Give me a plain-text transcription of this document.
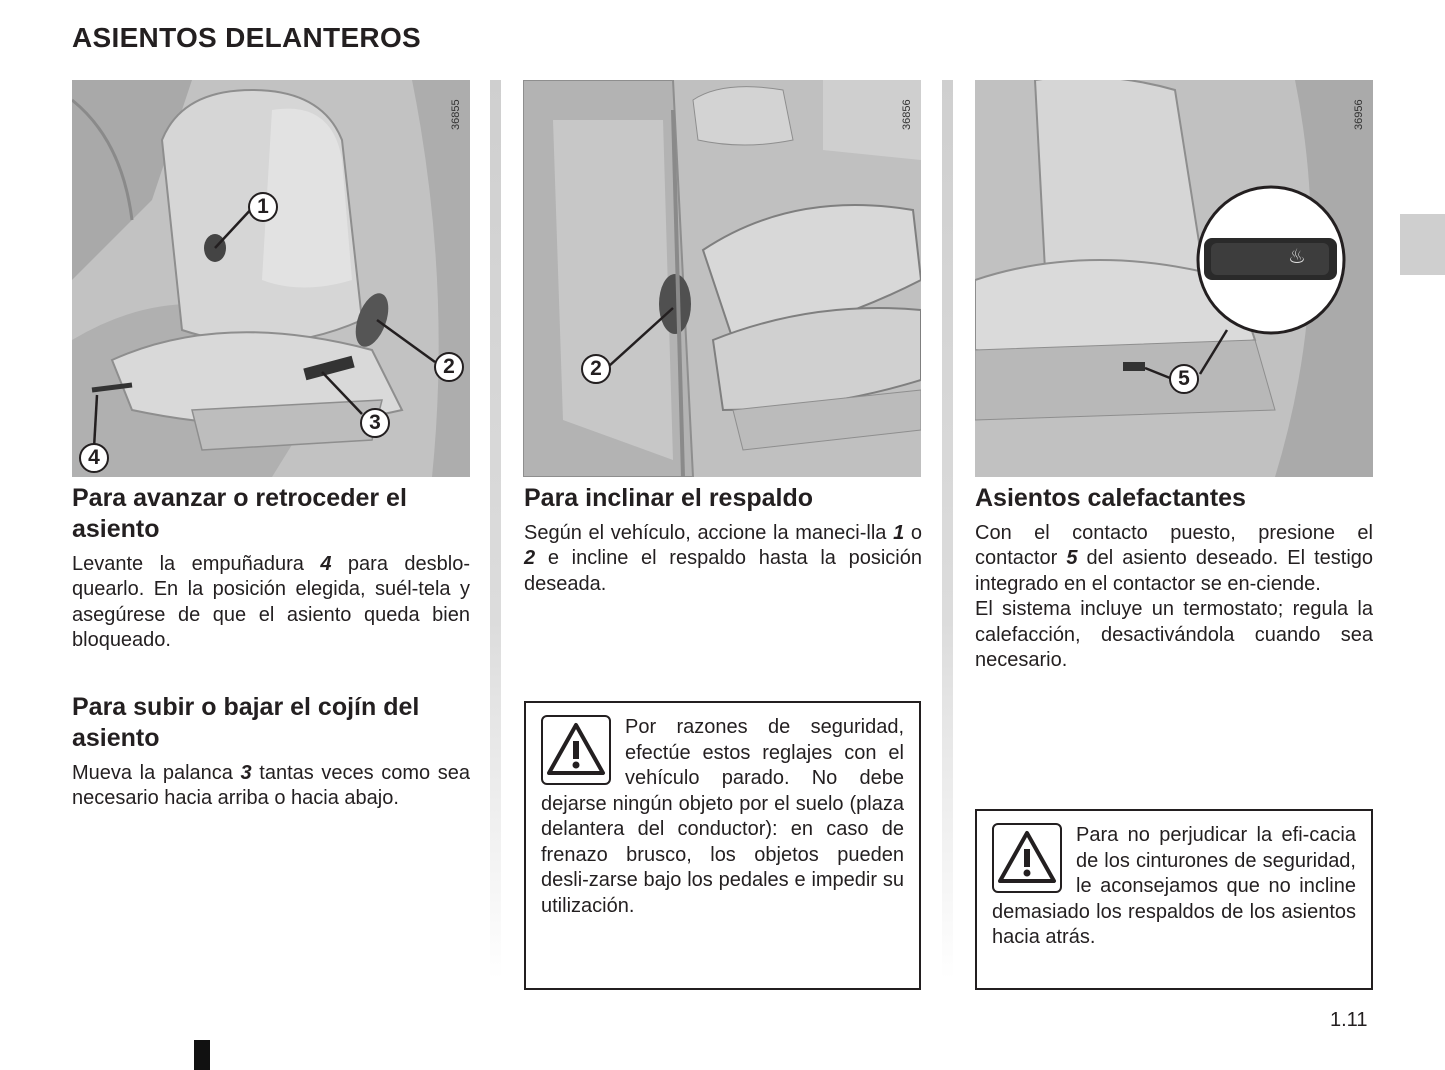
ASIENTOS DELANTEROS
36855
1
2
3
4
36856
2
♨
36956
5
Para avanzar o retroceder el asiento

Levante la empuñadura 4 para desblo-quearlo. En la posición elegida, suél-tela y asegúrese de que el asiento queda bien bloqueado.

Para subir o bajar el cojín del asiento

Mueva la palanca 3 tantas veces como sea necesario hacia arriba o hacia abajo.

Para inclinar el respaldo

Según el vehículo, accione la maneci-lla 1 o 2 e incline el respaldo hasta la posición deseada.

Por razones de seguridad, efectúe estos reglajes con el vehículo parado. No debe dejarse ningún objeto por el suelo (plaza delantera del conductor): en caso de frenazo brusco, los objetos pueden desli-zarse bajo los pedales e impedir su utilización.

Asientos calefactantes

Con el contacto puesto, presione el contactor 5 del asiento deseado. El testigo integrado en el contactor se en-ciende.

El sistema incluye un termostato; regula la calefacción, desactivándola cuando sea necesario.

Para no perjudicar la efi-cacia de los cinturones de seguridad, le aconsejamos que no incline demasiado los respaldos de los asientos hacia atrás.

1.11
